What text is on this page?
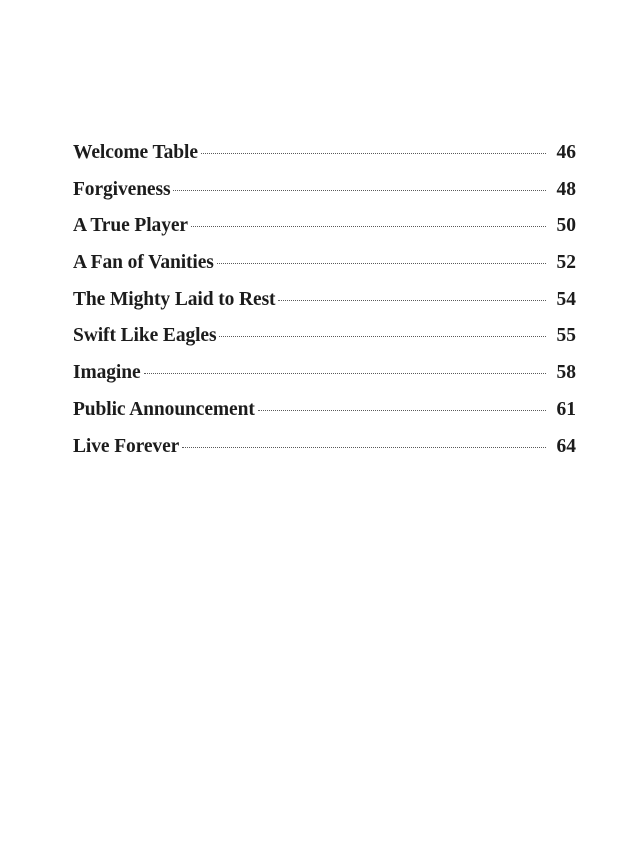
Welcome Table	46
Forgiveness	48
A True Player	50
A Fan of Vanities	52
The Mighty Laid to Rest	54
Swift Like Eagles	55
Imagine	58
Public Announcement	61
Live Forever	64
